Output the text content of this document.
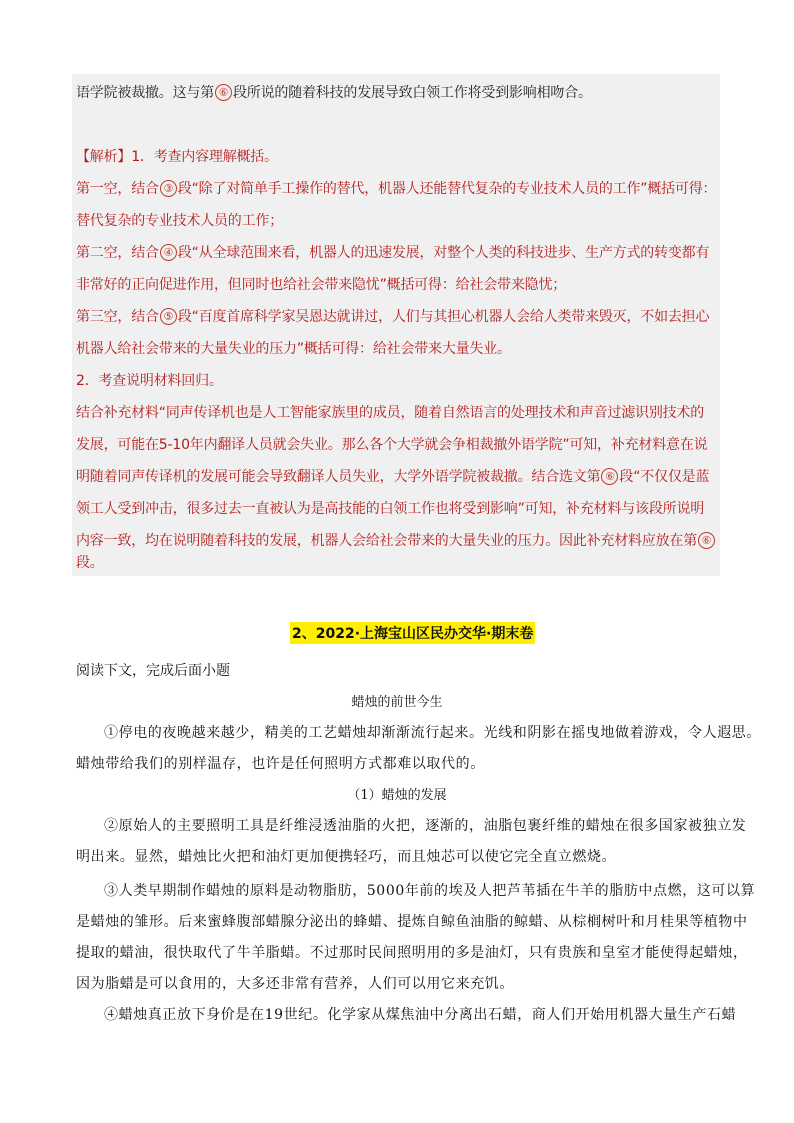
语学院被裁撤。这与第 ⑥ 段所说的随着科技的发展导致白领工作将受到影响相吻合。
【解析】1．考查内容理解概括。
第一空，结合 ③ 段“除了对简单手工操作的替代，机器人还能替代复杂的专业技术人员的工作”概括可得：
替代复杂的专业技术人员的工作；
第二空，结合 ④ 段“从全球范围来看，机器人的迅速发展，对整个人类的科技进步、生产方式的转变都有
非常好的正向促进作用，但同时也给社会带来隐忧”概括可得：给社会带来隐忧；
第三空，结合 ⑤ 段“百度首席科学家吴恩达就讲过，人们与其担心机器人会给人类带来毁灭，不如去担心
机器人给社会带来的大量失业的压力”概括可得：给社会带来大量失业。
2．考查说明材料回归。
结合补充材料“同声传译机也是人工智能家族里的成员，随着自然语言的处理技术和声音过滤识别技术的
发展，可能在5-10年内翻译人员就会失业。那么各个大学就会争相裁撤外语学院”可知，补充材料意在说
明随着同声传译机的发展可能会导致翻译人员失业，大学外语学院被裁撤。结合选文第 ⑥ 段“不仅仅是蓝
领工人受到冲击，很多过去一直被认为是高技能的白领工作也将受到影响”可知，补充材料与该段所说明
内容一致，均在说明随着科技的发展，机器人会给社会带来的大量失业的压力。因此补充材料应放在第 ⑥
段。
2、2022·上海宝山区民办交华·期末卷
阅读下文，完成后面小题
蜡烛的前世今生
①停电的夜晚越来越少，精美的工艺蜡烛却渐渐流行起来。光线和阴影在摇曳地做着游戏，令人遐思。
蜡烛带给我们的别样温存，也许是任何照明方式都难以取代的。
（1）蜡烛的发展
②原始人的主要照明工具是纤维浸透油脂的火把，逐渐的，油脂包裹纤维的蜡烛在很多国家被独立发
明出来。显然，蜡烛比火把和油灯更加便携轻巧，而且烛芯可以使它完全直立燃烧。
③人类早期制作蜡烛的原料是动物脂肪，5000年前的埃及人把芦苇插在牛羊的脂肪中点燃，这可以算
是蜡烛的雏形。后来蜜蜂腹部蜡腺分泌出的蜂蜡、提炼自鲸鱼油脂的鲸蜡、从棕榈树叶和月桂果等植物中
提取的蜡油，很快取代了牛羊脂蜡。不过那时民间照明用的多是油灯，只有贵族和皇室才能使得起蜡烛，
因为脂蜡是可以食用的，大多还非常有营养，人们可以用它来充饥。
④蜡烛真正放下身价是在19世纪。化学家从煤焦油中分离出石蜡，商人们开始用机器大量生产石蜡
